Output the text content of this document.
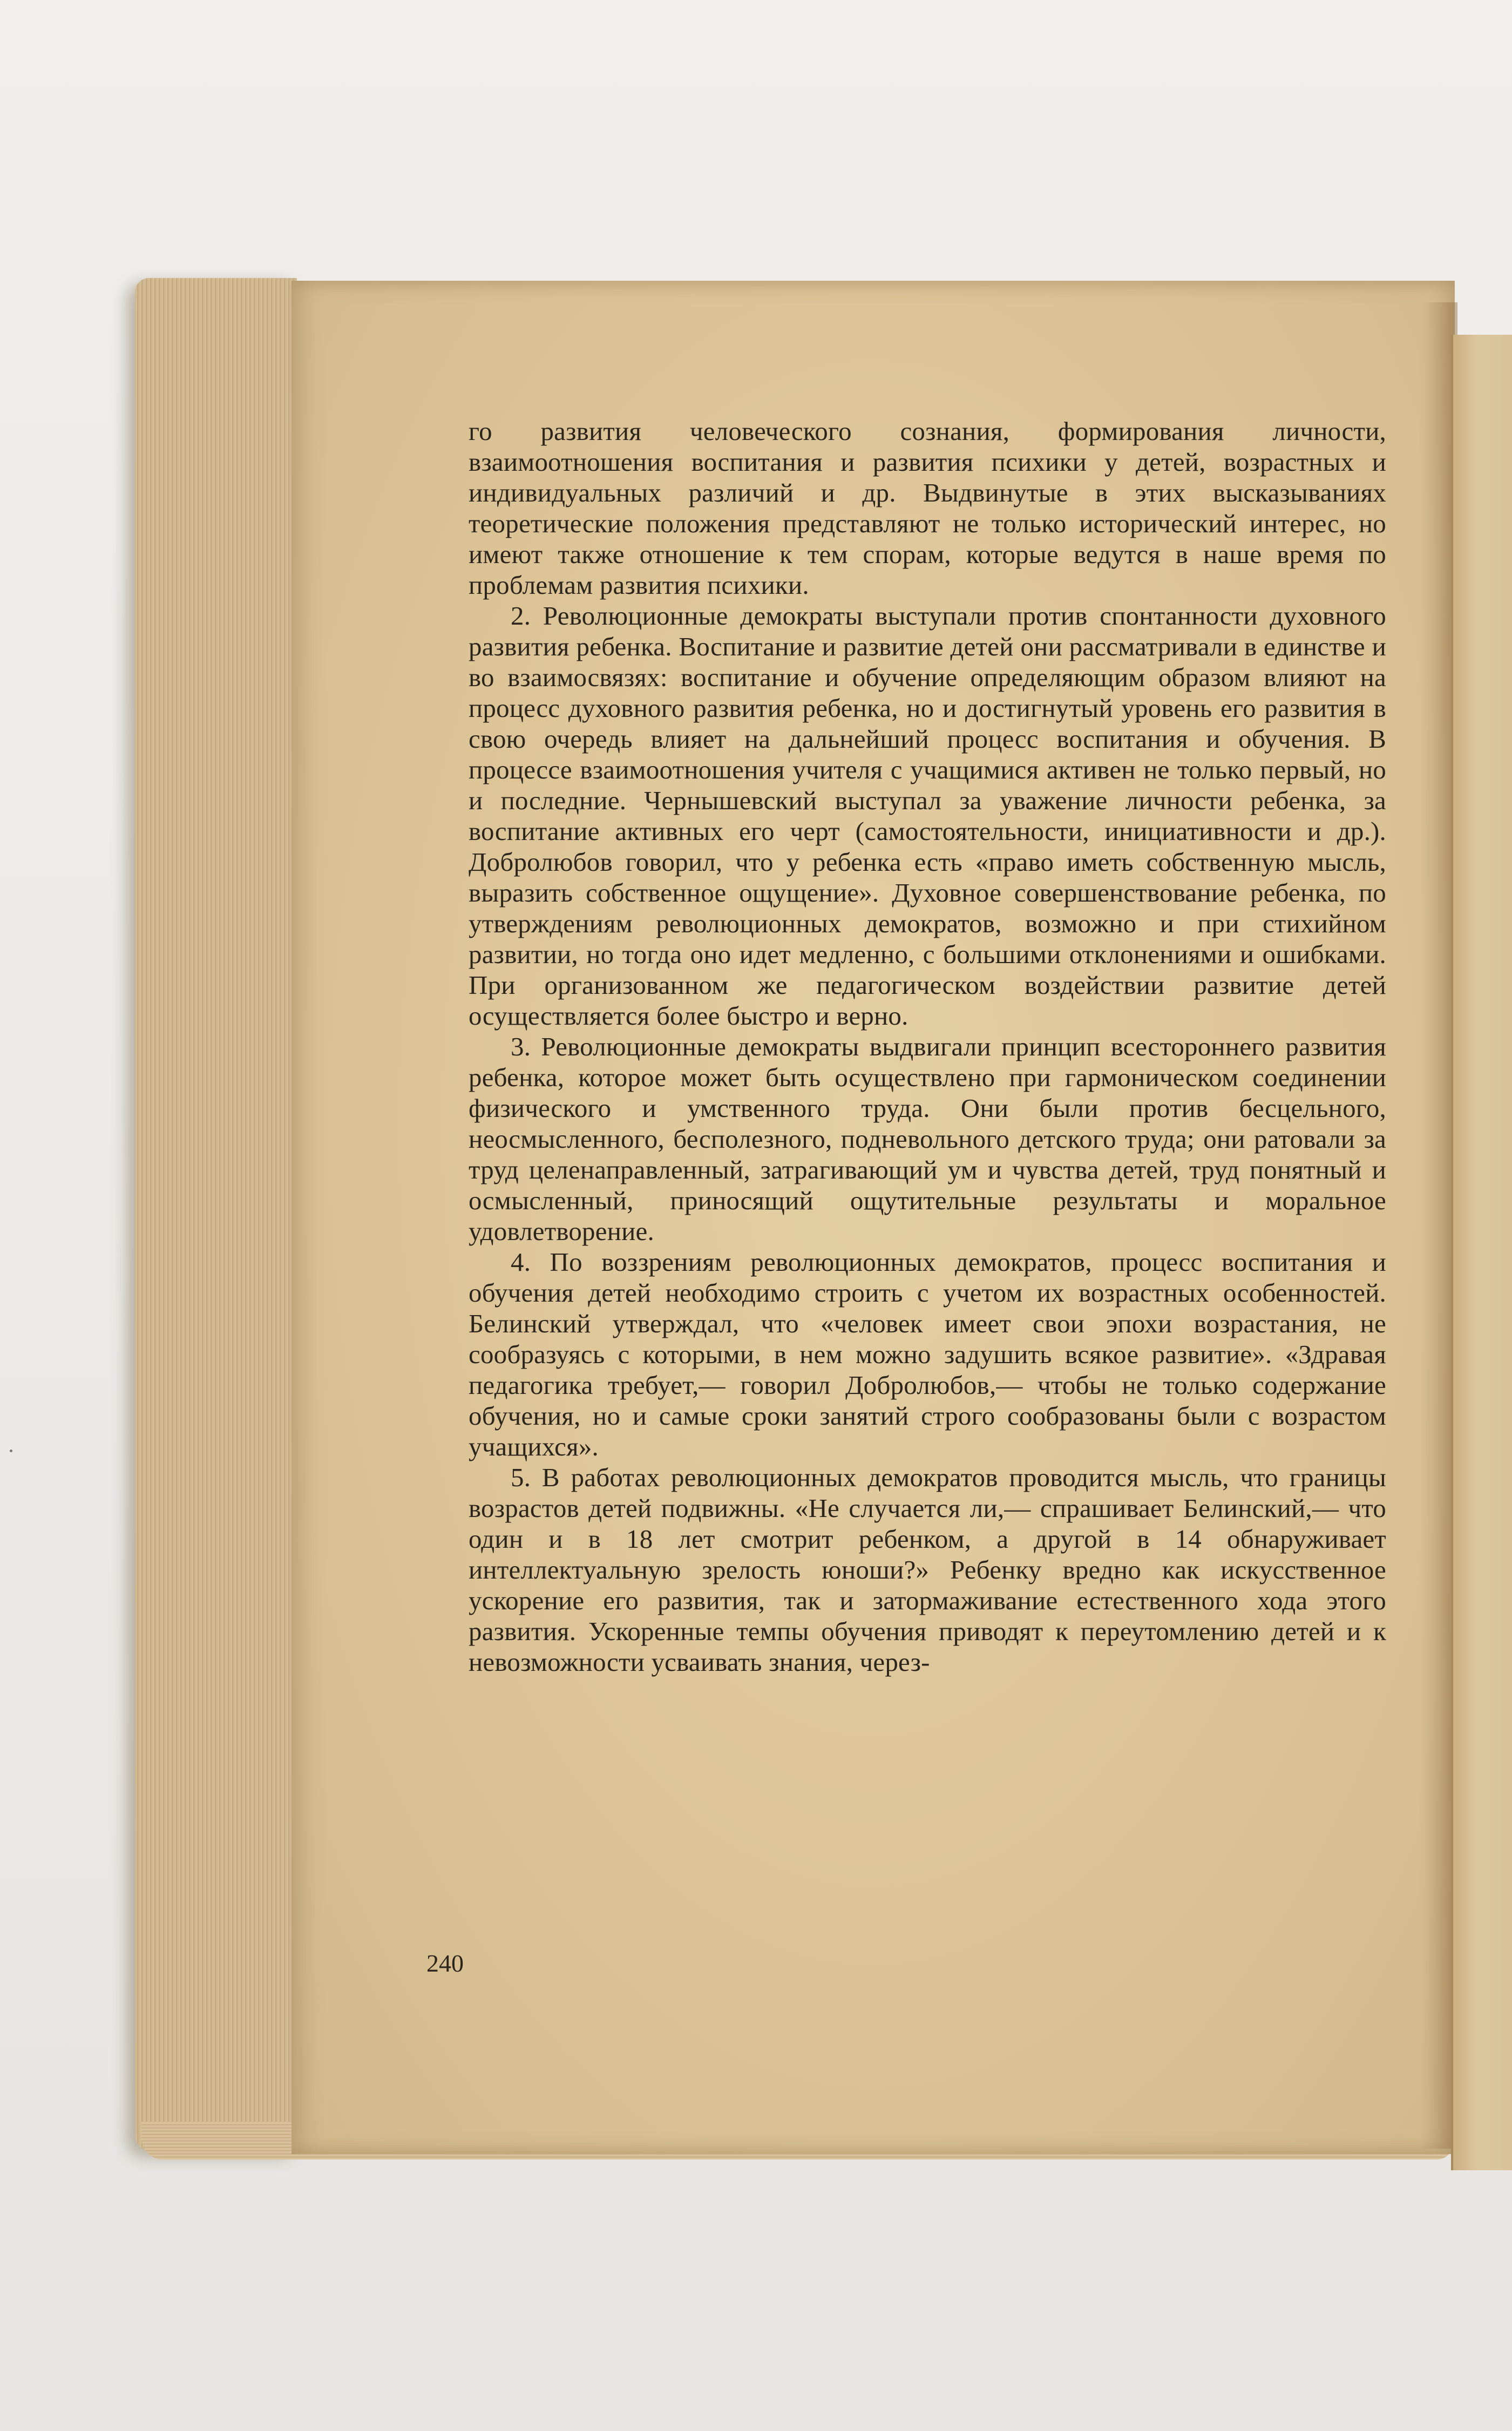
го развития человеческого сознания, формирования личности, взаимоотношения воспитания и развития психики у детей, возрастных и индивидуальных различий и др. Выдвинутые в этих высказываниях теоретические положения представляют не только исторический интерес, но имеют также отношение к тем спорам, которые ведутся в наше время по проблемам развития психики.

2. Революционные демократы выступали против спонтанности духовного развития ребенка. Воспитание и развитие детей они рассматривали в единстве и во взаимосвязях: воспитание и обучение определяющим образом влияют на процесс духовного развития ребенка, но и достигнутый уровень его развития в свою очередь влияет на дальнейший процесс воспитания и обучения. В процессе взаимоотношения учителя с учащимися активен не только первый, но и последние. Чернышевский выступал за уважение личности ребенка, за воспитание активных его черт (самостоятельности, инициативности и др.). Добролюбов говорил, что у ребенка есть «право иметь собственную мысль, выразить собственное ощущение». Духовное совершенствование ребенка, по утверждениям революционных демократов, возможно и при стихийном развитии, но тогда оно идет медленно, с большими отклонениями и ошибками. При организованном же педагогическом воздействии развитие детей осуществляется более быстро и верно.

3. Революционные демократы выдвигали принцип всестороннего развития ребенка, которое может быть осуществлено при гармоническом соединении физического и умственного труда. Они были против бесцельного, неосмысленного, бесполезного, подневольного детского труда; они ратовали за труд целенаправленный, затрагивающий ум и чувства детей, труд понятный и осмысленный, приносящий ощутительные результаты и моральное удовлетворение.

4. По воззрениям революционных демократов, процесс воспитания и обучения детей необходимо строить с учетом их возрастных особенностей. Белинский утверждал, что «человек имеет свои эпохи возрастания, не сообразуясь с которыми, в нем можно задушить всякое развитие». «Здравая педагогика требует,— говорил Добролюбов,— чтобы не только содержание обучения, но и самые сроки занятий строго сообразованы были с возрастом учащихся».

5. В работах революционных демократов проводится мысль, что границы возрастов детей подвижны. «Не случается ли,— спрашивает Белинский,— что один и в 18 лет смотрит ребенком, а другой в 14 обнаруживает интеллектуальную зрелость юноши?» Ребенку вредно как искусственное ускорение его развития, так и затормаживание естественного хода этого развития. Ускоренные темпы обучения приводят к переутомлению детей и к невозможности усваивать знания, через-

240
